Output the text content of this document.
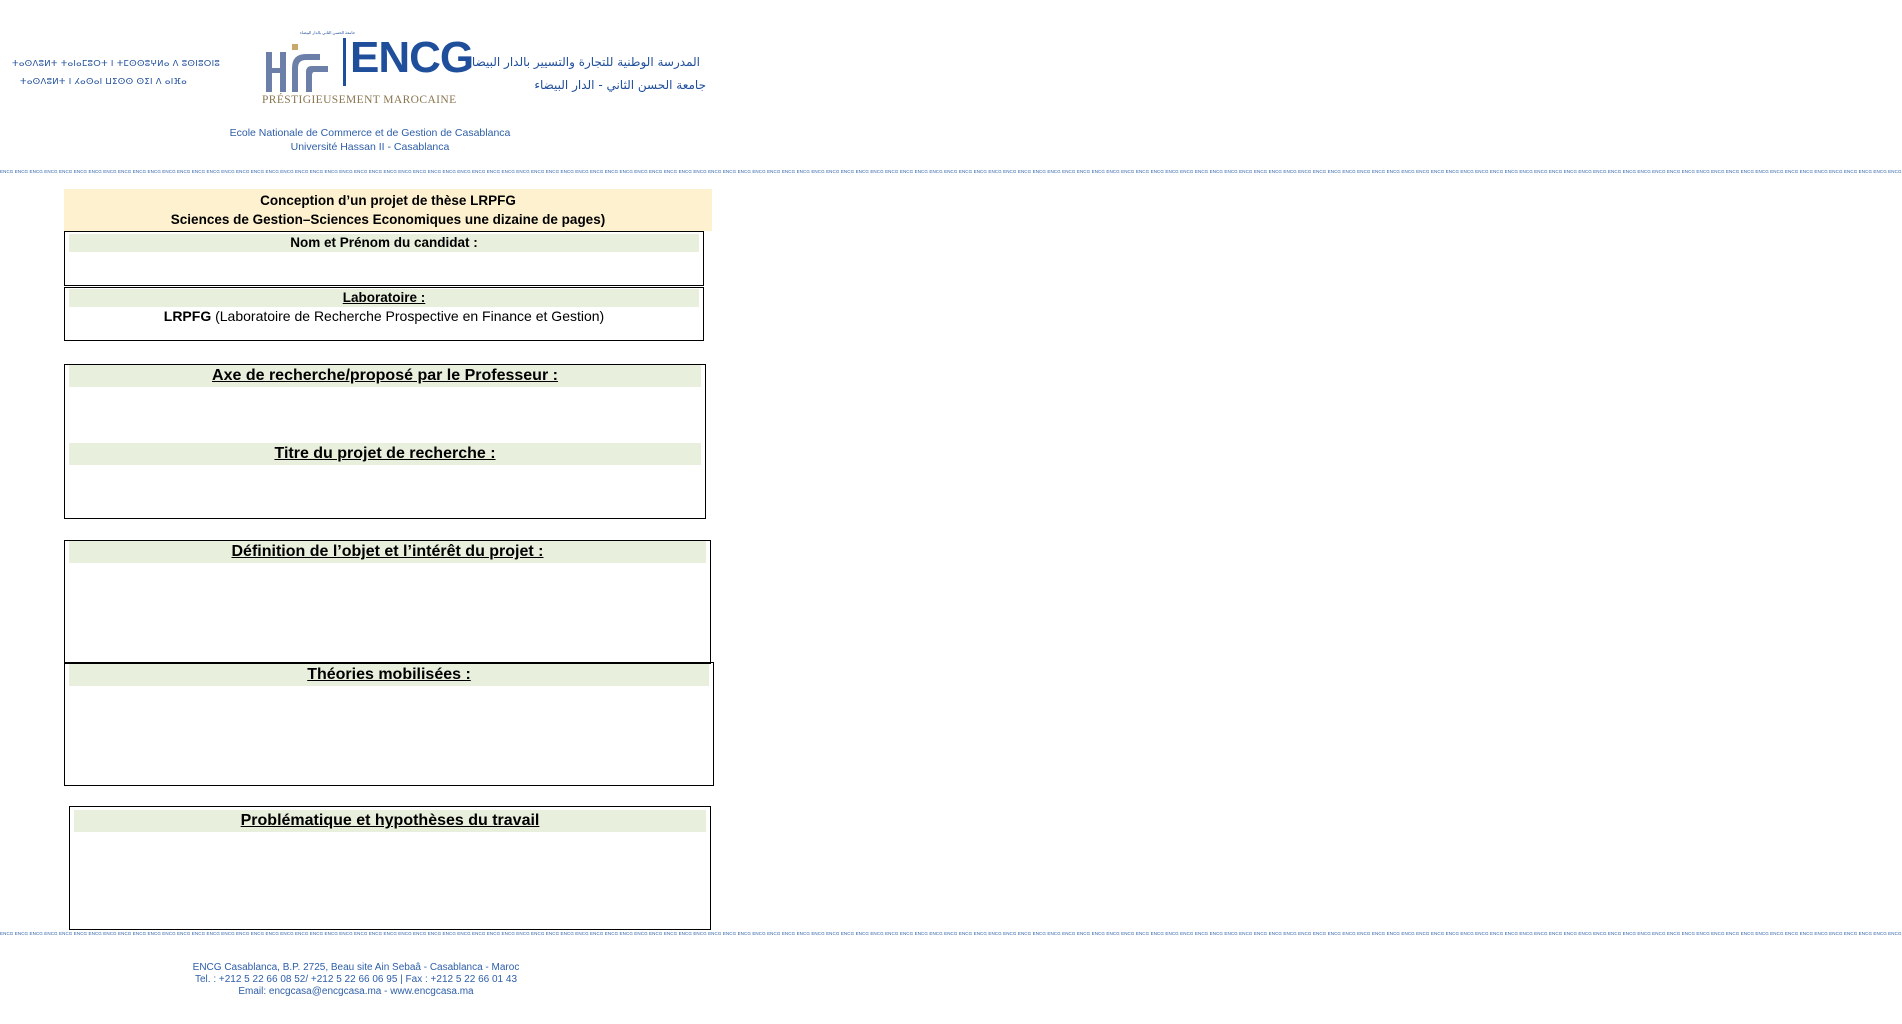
ⵜⴰⵙⴷⵓⵍⵜ ⵜⴰⵏⴰⵎⵓⵔⵜ ⵏ ⵜⵎⵙⵙⵓⵖⵍⴰ ⴷ ⵓⵙⵏⵓⵔⵏⵓ
ⵜⴰⵙⴷⵓⵍⵜ ⵏ ⵃⴰⵙⴰⵏ ⵡⵉⵙⵙ ⵙⵉⵏ ⴷ ⴰⵏⴼⴰ
جامعة الحسن الثاني بالدار البيضاء
ENCG
PRÉSTIGIEUSEMENT MAROCAINE
المدرسة الوطنية للتجارة والتسيير بالدار البيضاء
جامعة الحسن الثاني - الدار البيضاء
Ecole Nationale de Commerce et de Gestion de Casablanca
Université Hassan II - Casablanca
ENCG ENCG ENCG ENCG ENCG ENCG ENCG ENCG ENCG ENCG ENCG ENCG ENCG ENCG ENCG ENCG ENCG ENCG ENCG ENCG ENCG ENCG ENCG ENCG ENCG ENCG ENCG ENCG ENCG ENCG ENCG ENCG ENCG ENCG ENCG ENCG ENCG ENCG ENCG ENCG ENCG ENCG ENCG ENCG ENCG ENCG ENCG ENCG ENCG ENCG ENCG ENCG ENCG ENCG ENCG ENCG ENCG ENCG ENCG ENCG ENCG ENCG ENCG ENCG ENCG ENCG ENCG ENCG ENCG ENCG ENCG ENCG ENCG ENCG ENCG ENCG ENCG ENCG ENCG ENCG ENCG ENCG ENCG ENCG ENCG ENCG ENCG ENCG ENCG ENCG ENCG ENCG ENCG ENCG ENCG ENCG ENCG ENCG ENCG ENCG ENCG ENCG ENCG ENCG ENCG ENCG ENCG ENCG ENCG ENCG ENCG ENCG ENCG ENCG ENCG ENCG ENCG ENCG ENCG ENCG ENCG ENCG ENCG ENCG ENCG ENCG ENCG ENCG ENCG
Conception d’un projet de thèse LRPFG
Sciences de Gestion–Sciences Economiques une dizaine de pages)
Nom et Prénom du candidat :
Laboratoire :
LRPFG (Laboratoire de Recherche Prospective en Finance et Gestion)
Axe de recherche/proposé par le Professeur :
Titre du projet de recherche :
Définition de l’objet et l’intérêt du projet :
Théories mobilisées :
Problématique et hypothèses du travail
ENCG ENCG ENCG ENCG ENCG ENCG ENCG ENCG ENCG ENCG ENCG ENCG ENCG ENCG ENCG ENCG ENCG ENCG ENCG ENCG ENCG ENCG ENCG ENCG ENCG ENCG ENCG ENCG ENCG ENCG ENCG ENCG ENCG ENCG ENCG ENCG ENCG ENCG ENCG ENCG ENCG ENCG ENCG ENCG ENCG ENCG ENCG ENCG ENCG ENCG ENCG ENCG ENCG ENCG ENCG ENCG ENCG ENCG ENCG ENCG ENCG ENCG ENCG ENCG ENCG ENCG ENCG ENCG ENCG ENCG ENCG ENCG ENCG ENCG ENCG ENCG ENCG ENCG ENCG ENCG ENCG ENCG ENCG ENCG ENCG ENCG ENCG ENCG ENCG ENCG ENCG ENCG ENCG ENCG ENCG ENCG ENCG ENCG ENCG ENCG ENCG ENCG ENCG ENCG ENCG ENCG ENCG ENCG ENCG ENCG ENCG ENCG ENCG ENCG ENCG ENCG ENCG ENCG ENCG ENCG ENCG ENCG ENCG ENCG ENCG ENCG ENCG ENCG ENCG
ENCG Casablanca, B.P. 2725, Beau site Ain Sebaâ - Casablanca - Maroc
Tel. : +212 5 22 66 08 52/ +212 5 22 66 06 95 | Fax : +212 5 22 66 01 43
Email: encgcasa@encgcasa.ma - www.encgcasa.ma
